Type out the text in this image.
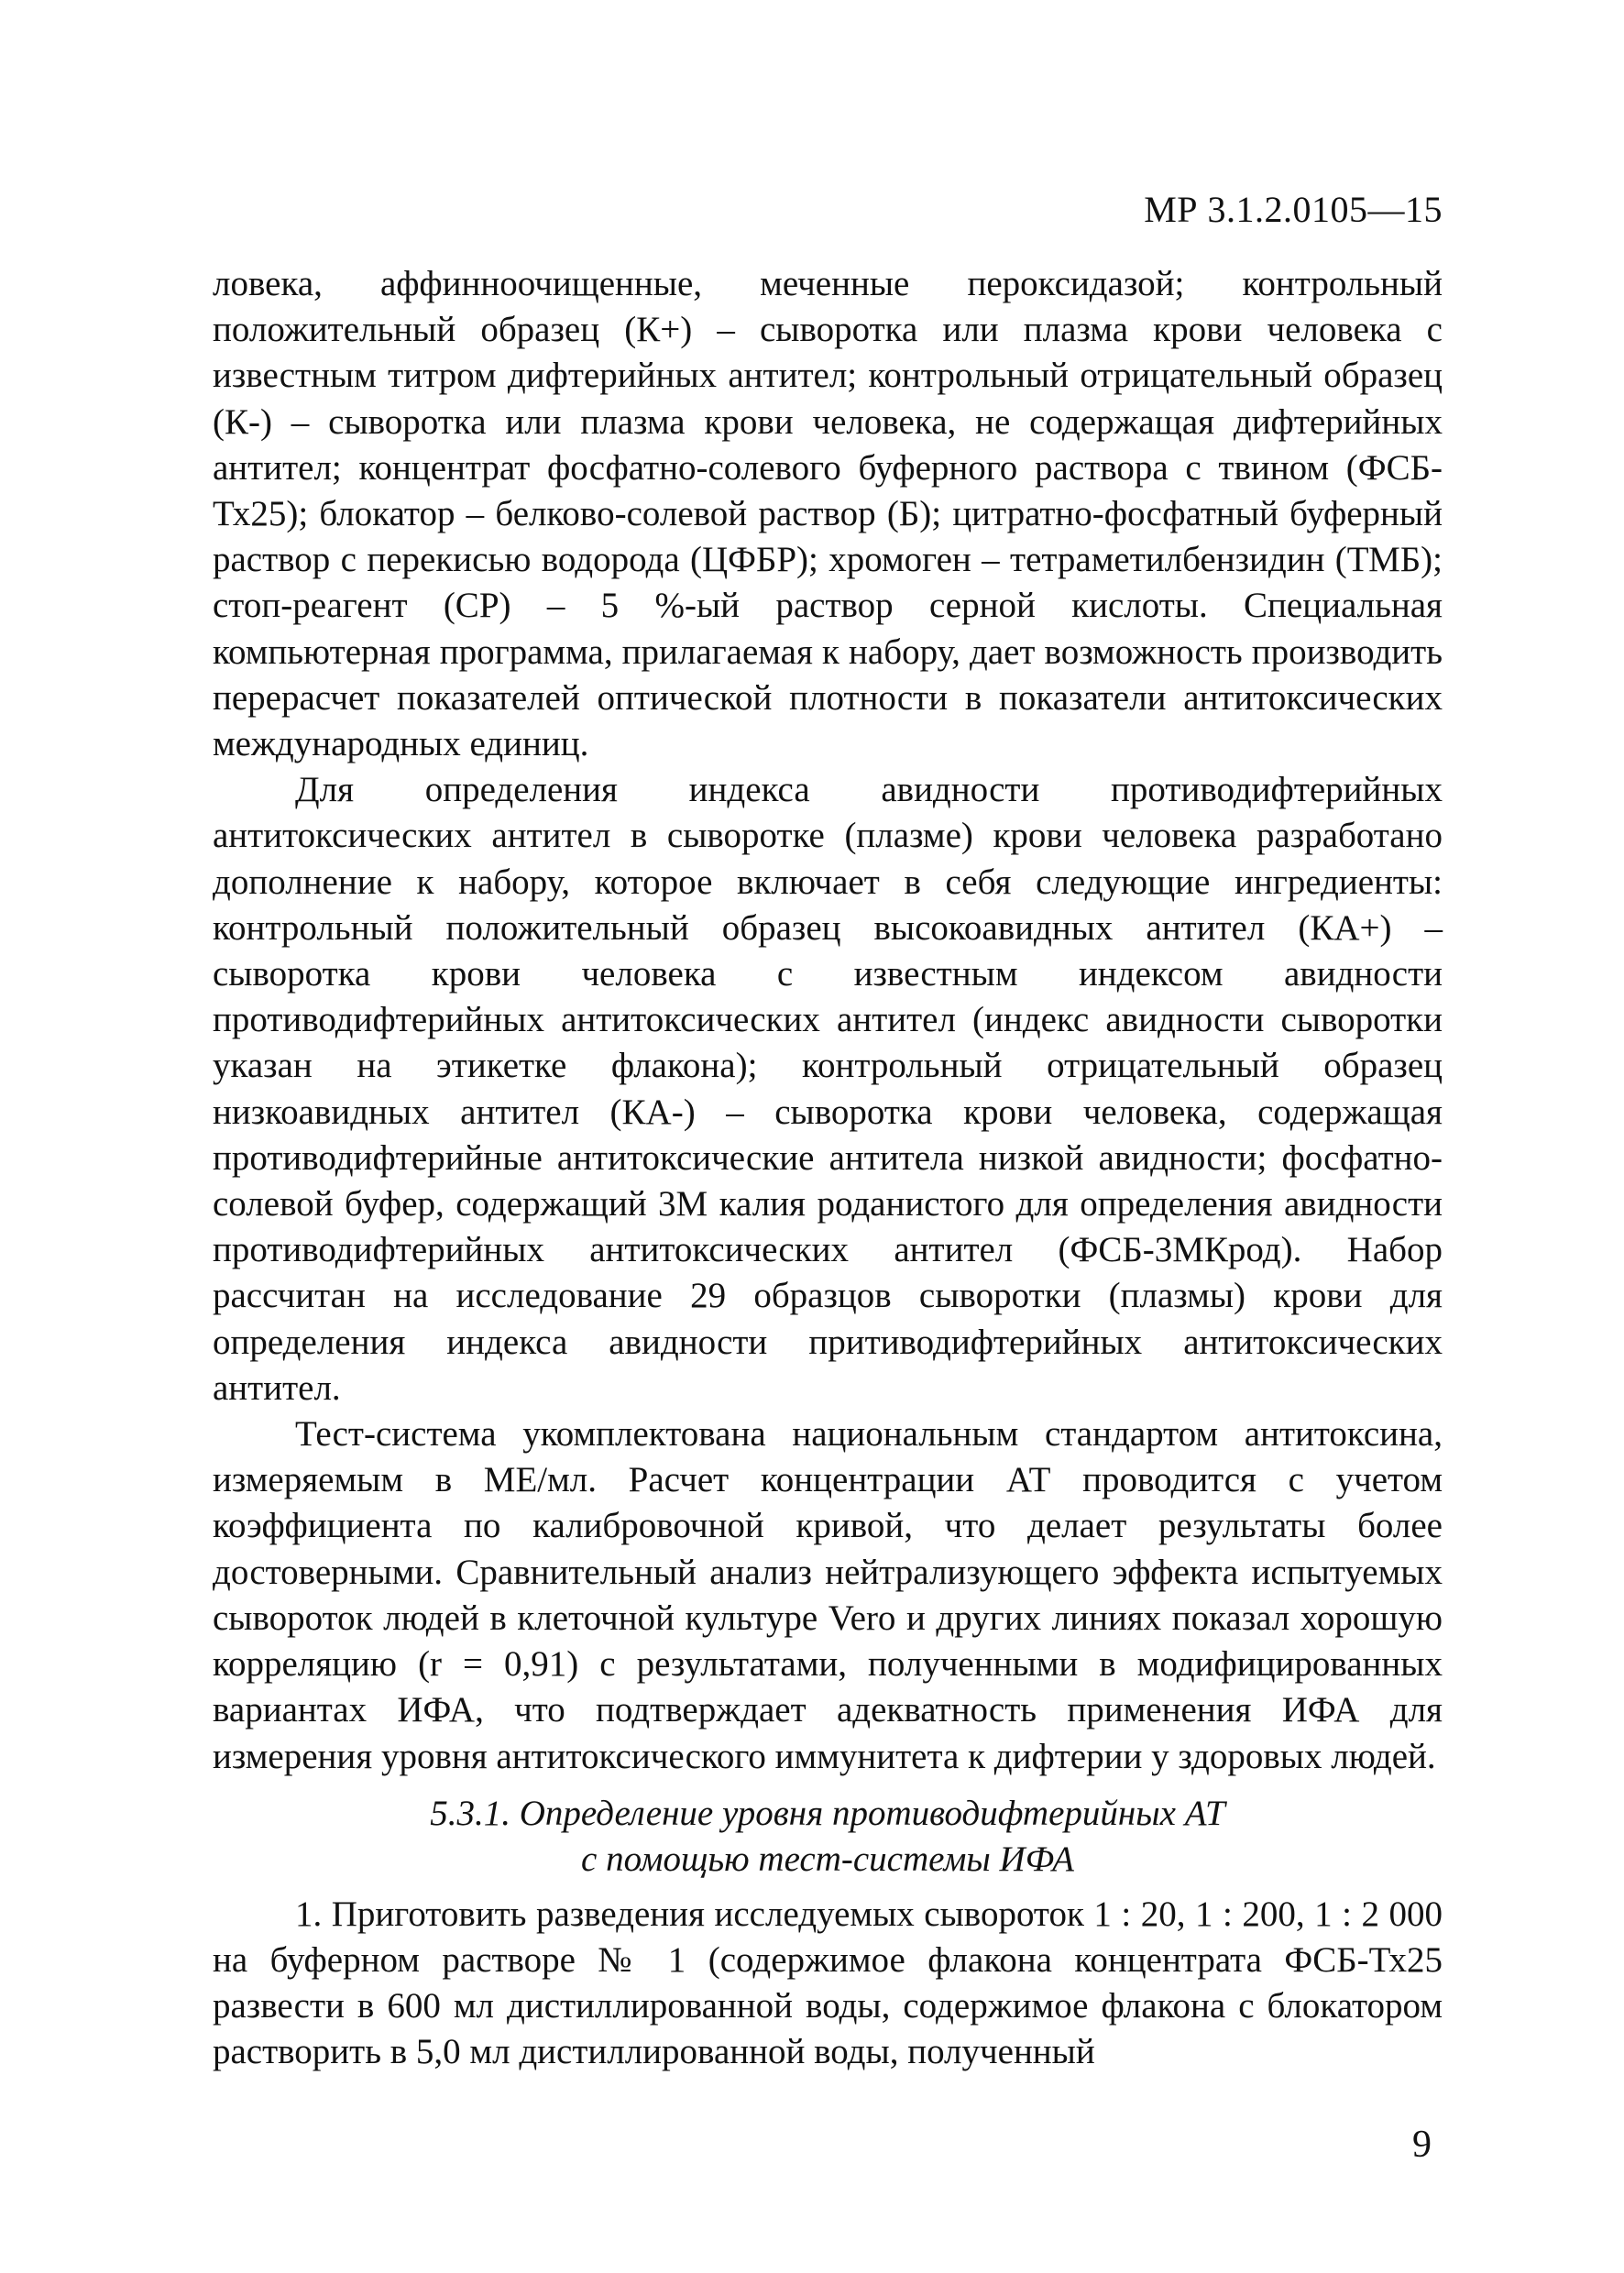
МР 3.1.2.0105—15

ловека, аффинноочищенные, меченные пероксидазой; контрольный положительный образец (К+) – сыворотка или плазма крови человека с известным титром дифтерийных антител; контрольный отрицательный образец (К-) – сыворотка или плазма крови человека, не содержащая дифтерийных антител; концентрат фосфатно-солевого буферного раствора с твином (ФСБ-Тх25); блокатор – белково-солевой раствор (Б); цитратно-фосфатный буферный раствор с перекисью водорода (ЦФБР); хромоген – тетраметилбензидин (ТМБ); стоп-реагент (СР) – 5 %-ый раствор серной кислоты. Специальная компьютерная программа, прилагаемая к набору, дает возможность производить перерасчет показателей оптической плотности в показатели антитоксических международных единиц.

Для определения индекса авидности противодифтерийных антитоксических антител в сыворотке (плазме) крови человека разработано дополнение к набору, которое включает в себя следующие ингредиенты: контрольный положительный образец высокоавидных антител (КА+) – сыворотка крови человека с известным индексом авидности противодифтерийных антитоксических антител (индекс авидности сыворотки указан на этикетке флакона); контрольный отрицательный образец низкоавидных антител (КА-) – сыворотка крови человека, содержащая противодифтерийные антитоксические антитела низкой авидности; фосфатно-солевой буфер, содержащий 3М калия роданистого для определения авидности противодифтерийных антитоксических антител (ФСБ-3МКрод). Набор рассчитан на исследование 29 образцов сыворотки (плазмы) крови для определения индекса авидности притиводифтерийных антитоксических антител.

Тест-система укомплектована национальным стандартом антитоксина, измеряемым в МЕ/мл. Расчет концентрации АТ проводится с учетом коэффициента по калибровочной кривой, что делает результаты более достоверными. Сравнительный анализ нейтрализующего эффекта испытуемых сывороток людей в клеточной культуре Vero и других линиях показал хорошую корреляцию (r = 0,91) с результатами, полученными в модифицированных вариантах ИФА, что подтверждает адекватность применения ИФА для измерения уровня антитоксического иммунитета к дифтерии у здоровых людей.

5.3.1. Определение уровня противодифтерийных АТ
с помощью тест-системы ИФА

1. Приготовить разведения исследуемых сывороток 1 : 20, 1 : 200, 1 : 2 000 на буферном растворе № 1 (содержимое флакона концентрата ФСБ-Тх25 развести в 600 мл дистиллированной воды, содержимое флакона с блокатором растворить в 5,0 мл дистиллированной воды, полученный

9
